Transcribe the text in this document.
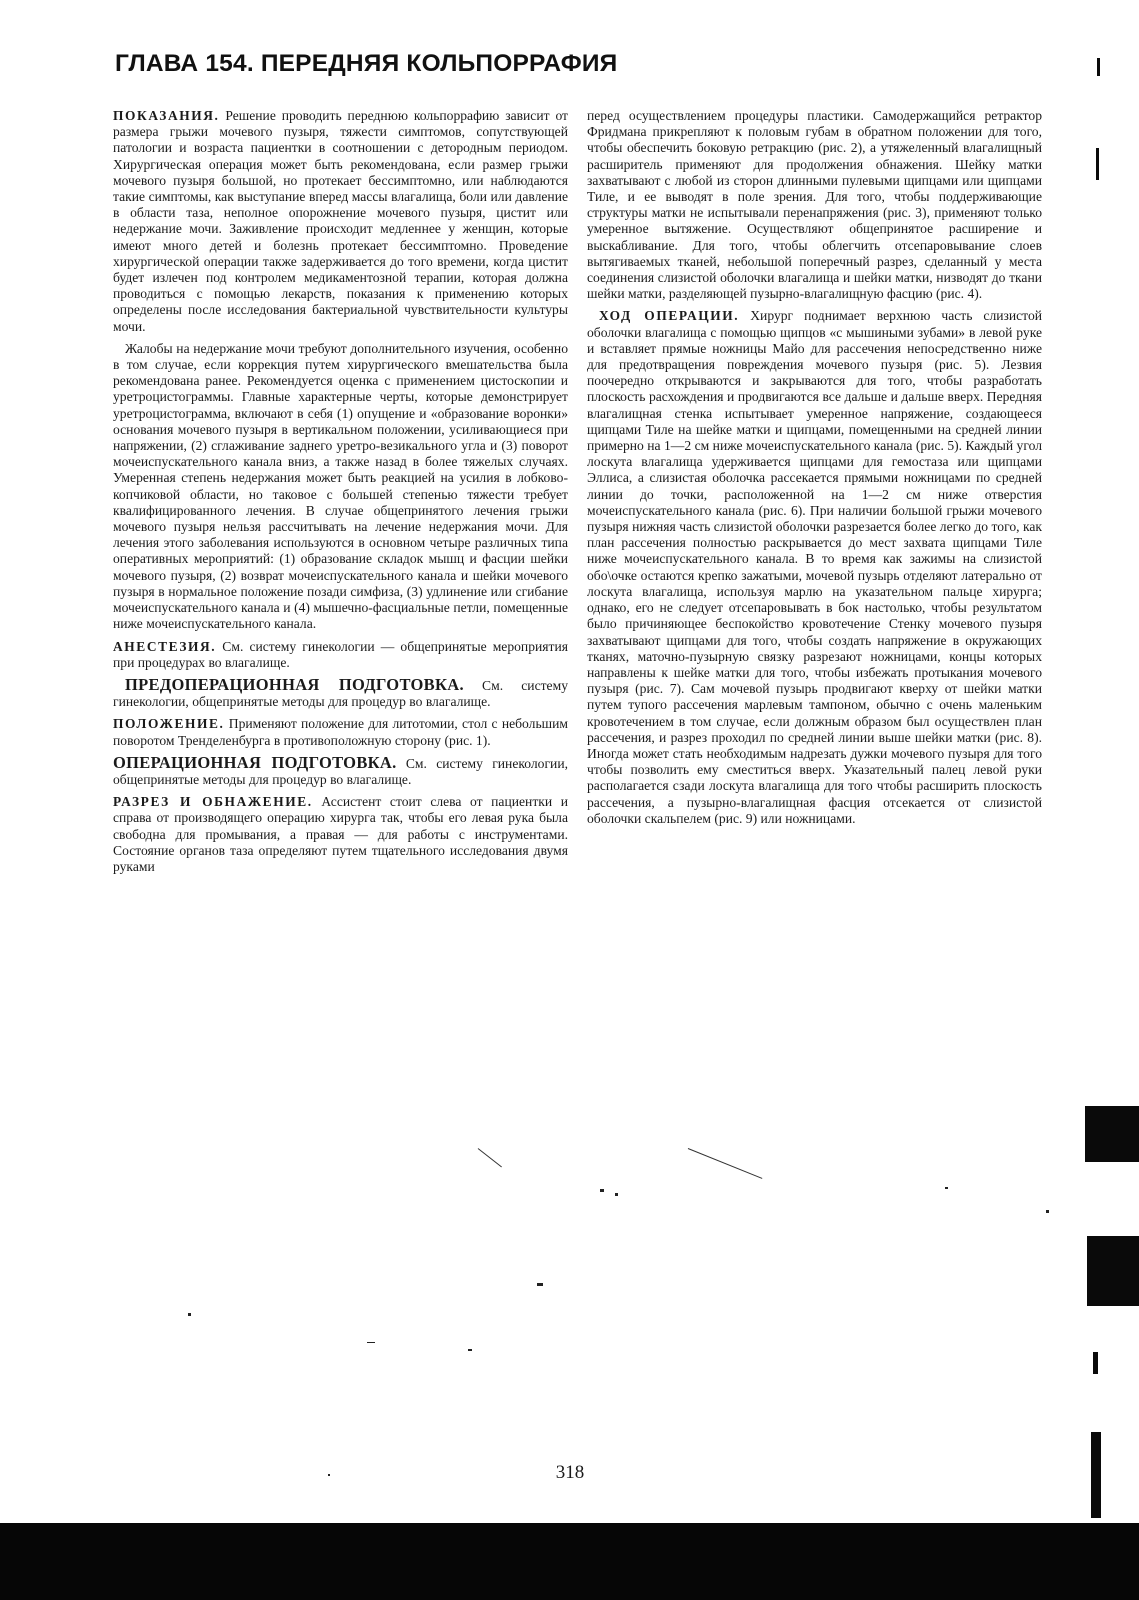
ГЛАВА 154. ПЕРЕДНЯЯ КОЛЬПОРРАФИЯ

ПОКАЗАНИЯ. Решение проводить переднюю кольпоррафию зависит от размера грыжи мочевого пузыря, тяжести симптомов, сопутствующей патологии и возраста пациентки в соотношении с детородным периодом. Хирургическая операция может быть рекомендована, если размер грыжи мочевого пузыря большой, но протекает бессимптомно, или наблюдаются такие симптомы, как выступание вперед массы влагалища, боли или давление в области таза, неполное опорожнение мочевого пузыря, цистит или недержание мочи. Заживление происходит медленнее у женщин, которые имеют много детей и болезнь протекает бессимптомно. Проведение хирургической операции также задерживается до того времени, когда цистит будет излечен под контролем медикаментозной терапии, которая должна проводиться с помощью лекарств, показания к применению которых определены после исследования бактериальной чувствительности культуры мочи.

Жалобы на недержание мочи требуют дополнительного изучения, особенно в том случае, если коррекция путем хирургического вмешательства была рекомендована ранее. Рекомендуется оценка с применением цистоскопии и уретроцистограммы. Главные характерные черты, которые демонстрирует уретроцистограмма, включают в себя (1) опущение и «образование воронки» основания мочевого пузыря в вертикальном положении, усиливающиеся при напряжении, (2) сглаживание заднего уретро-везикального угла и (3) поворот мочеиспускательного канала вниз, а также назад в более тяжелых случаях. Умеренная степень недержания может быть реакцией на усилия в лобково-копчиковой области, но таковое с большей степенью тяжести требует квалифицированного лечения. В случае общепринятого лечения грыжи мочевого пузыря нельзя рассчитывать на лечение недержания мочи. Для лечения этого заболевания используются в основном четыре различных типа оперативных мероприятий: (1) образование складок мышц и фасции шейки мочевого пузыря, (2) возврат мочеиспускательного канала и шейки мочевого пузыря в нормальное положение позади симфиза, (3) удлинение или сгибание мочеиспускательного канала и (4) мышечно-фасциальные петли, помещенные ниже мочеиспускательного канала.

АНЕСТЕЗИЯ. См. систему гинекологии — общепринятые мероприятия при процедурах во влагалище.

ПРЕДОПЕРАЦИОННАЯ ПОДГОТОВКА. См. систему гинекологии, общепринятые методы для процедур во влагалище.

ПОЛОЖЕНИЕ. Применяют положение для литотомии, стол с небольшим поворотом Тренделенбурга в противоположную сторону (рис. 1).

ОПЕРАЦИОННАЯ ПОДГОТОВКА. См. систему гинекологии, общепринятые методы для процедур во влагалище.

РАЗРЕЗ И ОБНАЖЕНИЕ. Ассистент стоит слева от пациентки и справа от производящего операцию хирурга так, чтобы его левая рука была свободна для промывания, а правая — для работы с инструментами. Состояние органов таза определяют путем тщательного исследования двумя руками

перед осуществлением процедуры пластики. Самодержащийся ретрактор Фридмана прикрепляют к половым губам в обратном положении для того, чтобы обеспечить боковую ретракцию (рис. 2), а утяжеленный влагалищный расширитель применяют для продолжения обнажения. Шейку матки захватывают с любой из сторон длинными пулевыми щипцами или щипцами Тиле, и ее выводят в поле зрения. Для того, чтобы поддерживающие структуры матки не испытывали перенапряжения (рис. 3), применяют только умеренное вытяжение. Осуществляют общепринятое расширение и выскабливание. Для того, чтобы облегчить отсепаровывание слоев вытягиваемых тканей, небольшой поперечный разрез, сделанный у места соединения слизистой оболочки влагалища и шейки матки, низводят до ткани шейки матки, разделяющей пузырно-влагалищную фасцию (рис. 4).

ХОД ОПЕРАЦИИ. Хирург поднимает верхнюю часть слизистой оболочки влагалища с помощью щипцов «с мышиными зубами» в левой руке и вставляет прямые ножницы Майо для рассечения непосредственно ниже для предотвращения повреждения мочевого пузыря (рис. 5). Лезвия поочередно открываются и закрываются для того, чтобы разработать плоскость расхождения и продвигаются все дальше и дальше вверх. Передняя влагалищная стенка испытывает умеренное напряжение, создающееся щипцами Тиле на шейке матки и щипцами, помещенными на средней линии примерно на 1—2 см ниже мочеиспускательного канала (рис. 5). Каждый угол лоскута влагалища удерживается щипцами для гемостаза или щипцами Эллиса, а слизистая оболочка рассекается прямыми ножницами по средней линии до точки, расположенной на 1—2 см ниже отверстия мочеиспускательного канала (рис. 6). При наличии большой грыжи мочевого пузыря нижняя часть слизистой оболочки разрезается более легко до того, как план рассечения полностью раскрывается до мест захвата щипцами Тиле ниже мочеиспускательного канала. В то время как зажимы на слизистой обо\очке остаются крепко зажатыми, мочевой пузырь отделяют латерально от лоскута влагалища, используя марлю на указательном пальце хирурга; однако, его не следует отсепаровывать в бок настолько, чтобы результатом было причиняющее беспокойство кровотечение Стенку мочевого пузыря захватывают щипцами для того, чтобы создать напряжение в окружающих тканях, маточно-пузырную связку разрезают ножницами, концы которых направлены к шейке матки для того, чтобы избежать протыкания мочевого пузыря (рис. 7). Сам мочевой пузырь продвигают кверху от шейки матки путем тупого рассечения марлевым тампоном, обычно с очень маленьким кровотечением в том случае, если должным образом был осуществлен план рассечения, и разрез проходил по средней линии выше шейки матки (рис. 8). Иногда может стать необходимым надрезать дужки мочевого пузыря для того чтобы позволить ему сместиться вверх. Указательный палец левой руки располагается сзади лоскута влагалища для того чтобы расширить плоскость рассечения, а пузырно-влагалищная фасция отсекается от слизистой оболочки скальпелем (рис. 9) или ножницами.

318
